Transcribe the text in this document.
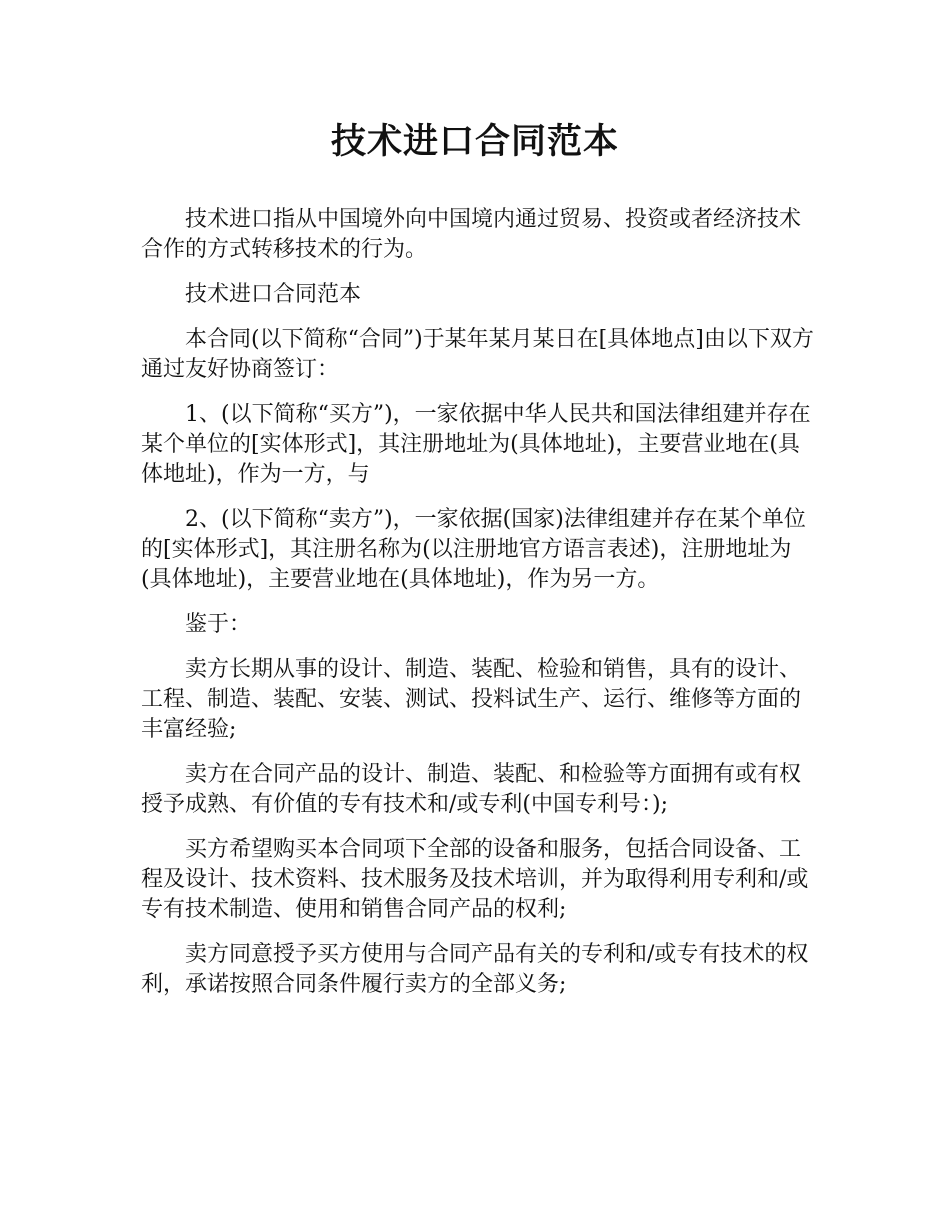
技术进口合同范本

技术进口指从中国境外向中国境内通过贸易、投资或者经济技术合作的方式转移技术的行为。

技术进口合同范本

本合同(以下简称“合同”)于某年某月某日在[具体地点]由以下双方通过友好协商签订：

1、(以下简称“买方”)，一家依据中华人民共和国法律组建并存在某个单位的[实体形式]，其注册地址为(具体地址)，主要营业地在(具体地址)，作为一方，与

2、(以下简称“卖方”)，一家依据(国家)法律组建并存在某个单位的[实体形式]，其注册名称为(以注册地官方语言表述)，注册地址为(具体地址)，主要营业地在(具体地址)，作为另一方。

鉴于：

卖方长期从事的设计、制造、装配、检验和销售，具有的设计、工程、制造、装配、安装、测试、投料试生产、运行、维修等方面的丰富经验;

卖方在合同产品的设计、制造、装配、和检验等方面拥有或有权授予成熟、有价值的专有技术和/或专利(中国专利号：);

买方希望购买本合同项下全部的设备和服务，包括合同设备、工程及设计、技术资料、技术服务及技术培训，并为取得利用专利和/或专有技术制造、使用和销售合同产品的权利;

卖方同意授予买方使用与合同产品有关的专利和/或专有技术的权利，承诺按照合同条件履行卖方的全部义务;
